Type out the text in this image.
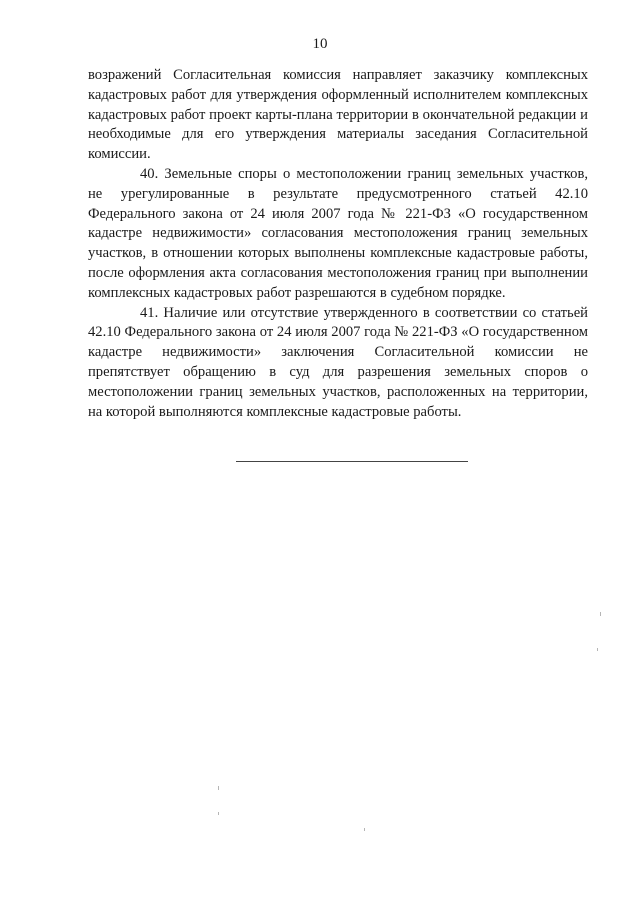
10

возражений Согласительная комиссия направляет заказчику комплексных кадастровых работ для утверждения оформленный исполнителем комплексных кадастровых работ проект карты-плана территории в окончательной редакции и необходимые для его утверждения материалы заседания Согласительной комиссии.

40. Земельные споры о местоположении границ земельных участков, не урегулированные в результате предусмотренного статьей 42.10 Федерального закона от 24 июля 2007 года № 221-ФЗ «О государственном кадастре недвижимости» согласования местоположения границ земельных участков, в отношении которых выполнены комплексные кадастровые работы, после оформления акта согласования местоположения границ при выполнении комплексных кадастровых работ разрешаются в судебном порядке.

41. Наличие или отсутствие утвержденного в соответствии со статьей 42.10 Федерального закона от 24 июля 2007 года № 221-ФЗ «О государственном кадастре недвижимости» заключения Согласительной комиссии не препятствует обращению в суд для разрешения земельных споров о местоположении границ земельных участков, расположенных на территории, на которой выполняются комплексные кадастровые работы.
